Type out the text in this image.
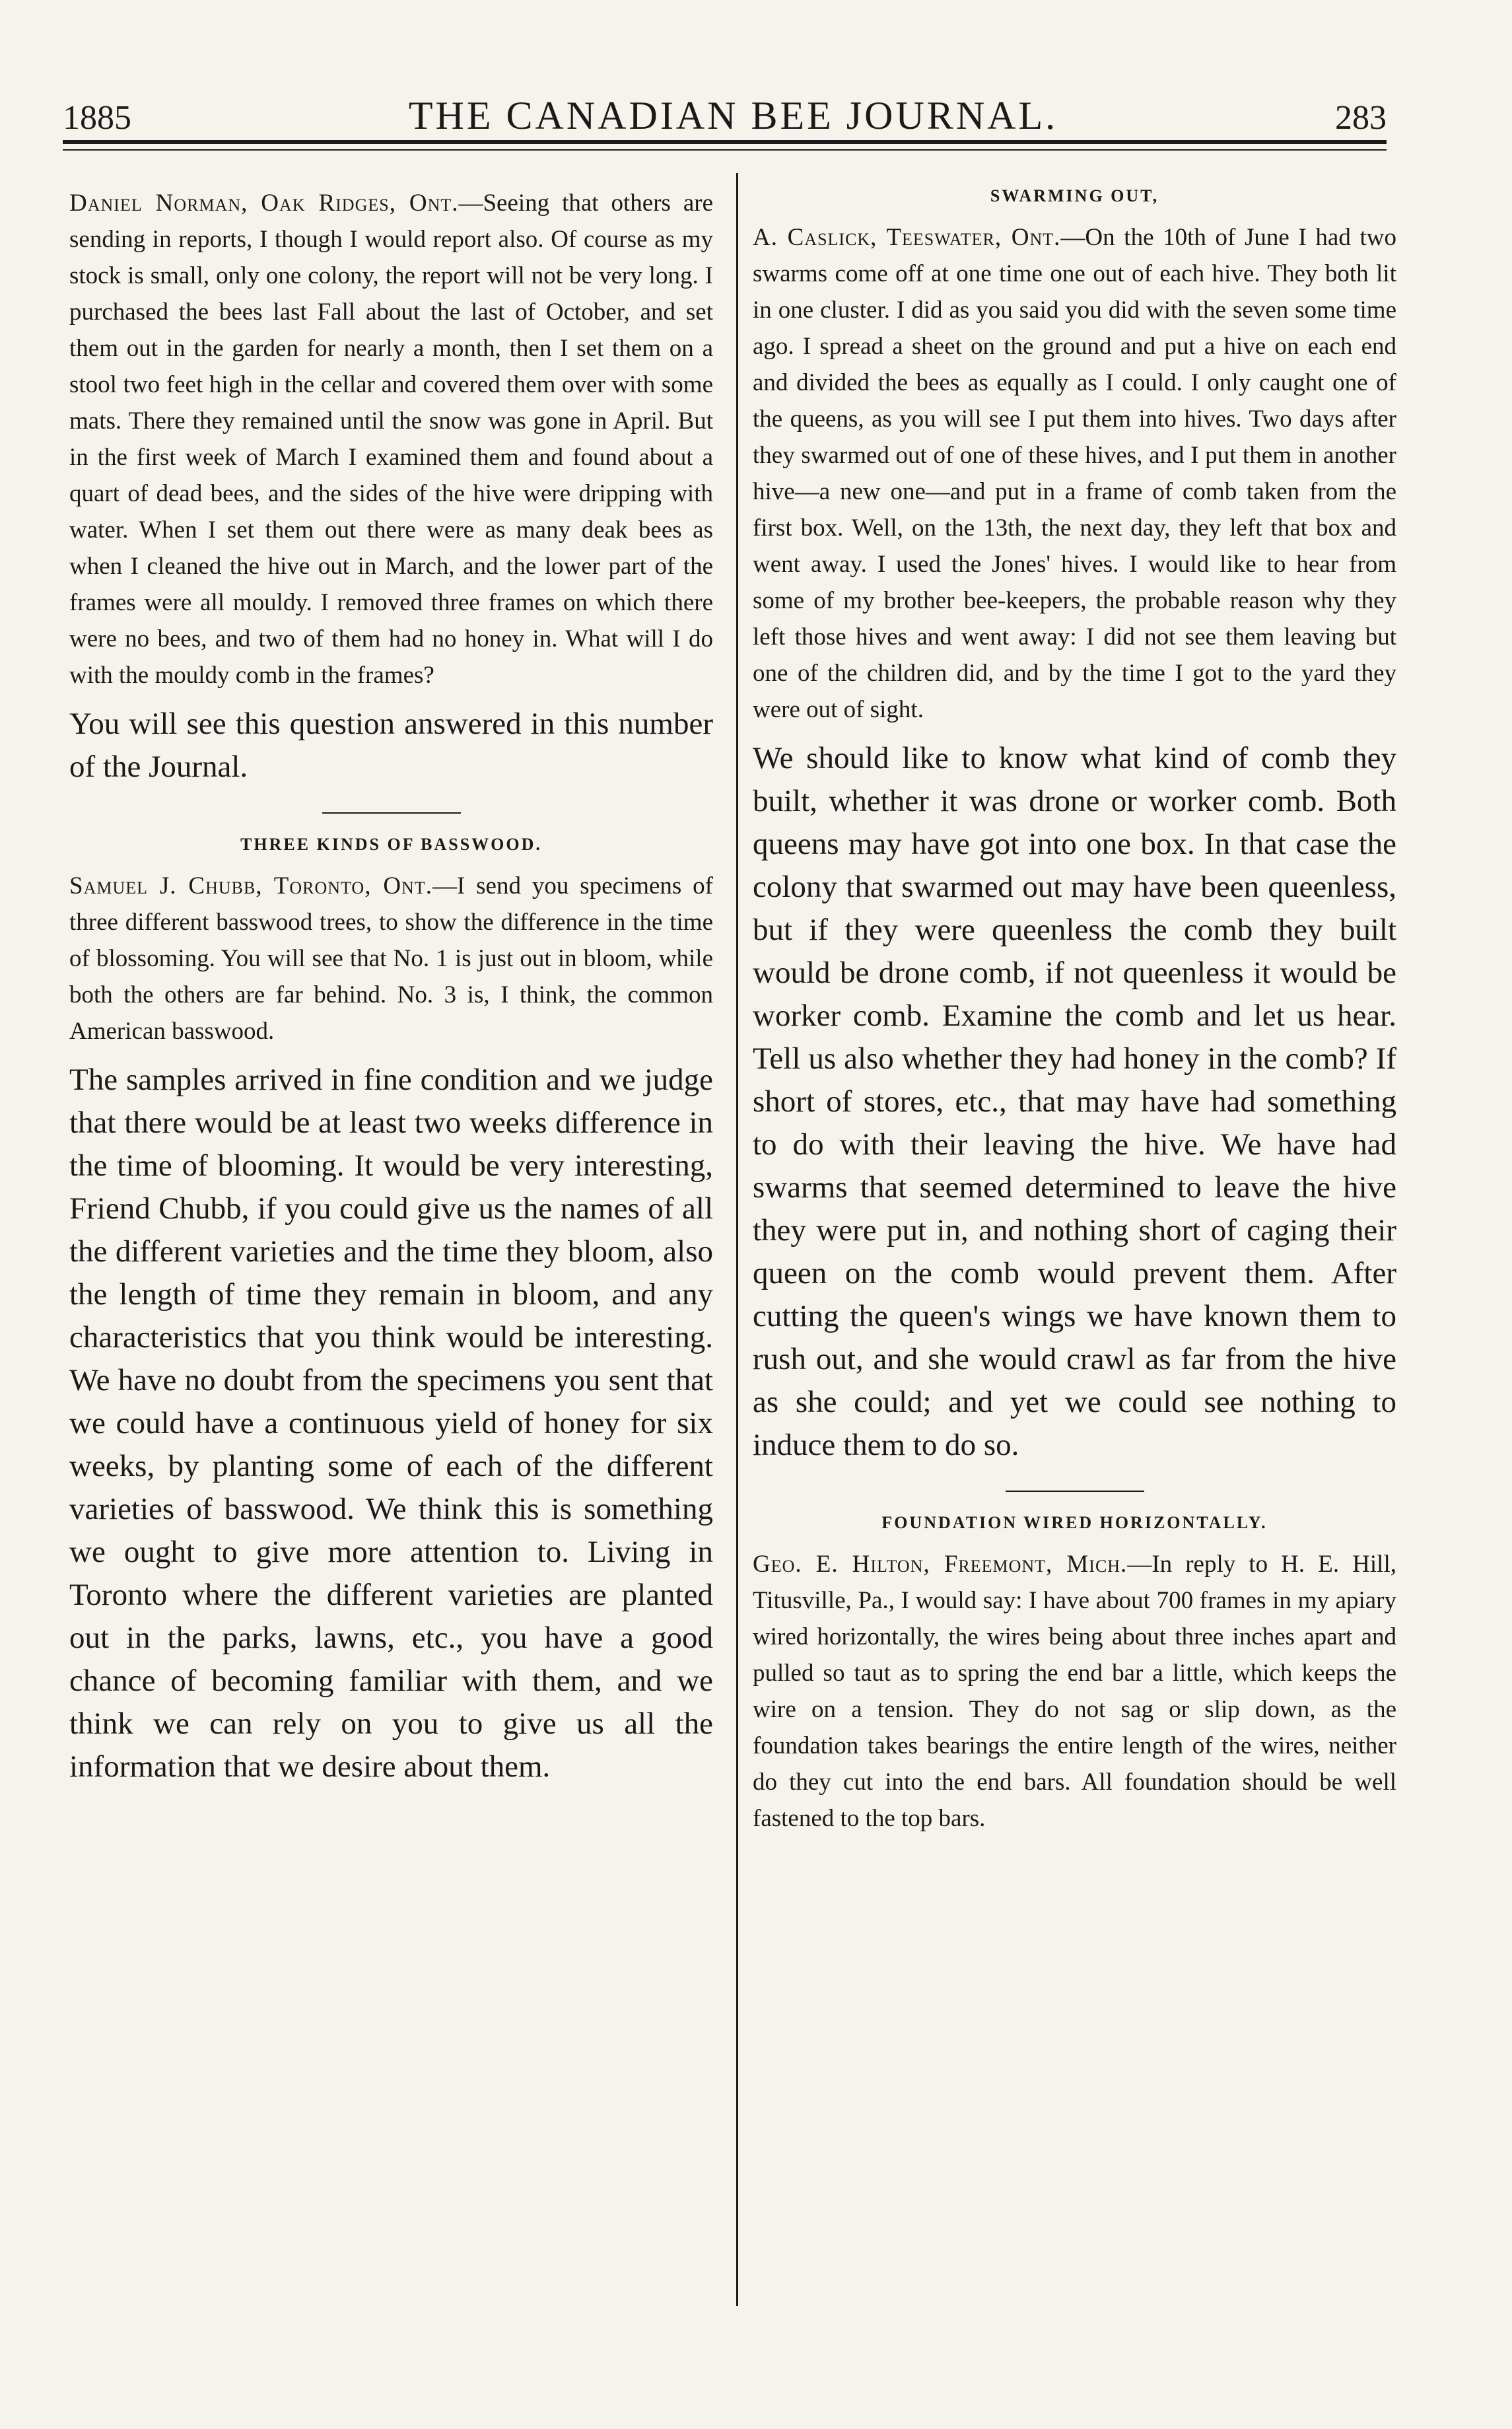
1885	THE CANADIAN BEE JOURNAL.	283

Daniel Norman, Oak Ridges, Ont.—Seeing that others are sending in reports, I though I would report also. Of course as my stock is small, only one colony, the report will not be very long. I purchased the bees last Fall about the last of October, and set them out in the garden for nearly a month, then I set them on a stool two feet high in the cellar and covered them over with some mats. There they remained until the snow was gone in April. But in the first week of March I examined them and found about a quart of dead bees, and the sides of the hive were dripping with water. When I set them out there were as many deak bees as when I cleaned the hive out in March, and the lower part of the frames were all mouldy. I removed three frames on which there were no bees, and two of them had no honey in. What will I do with the mouldy comb in the frames?

You will see this question answered in this number of the Journal.

THREE KINDS OF BASSWOOD.

Samuel J. Chubb, Toronto, Ont.—I send you specimens of three different basswood trees, to show the difference in the time of blossoming. You will see that No. 1 is just out in bloom, while both the others are far behind. No. 3 is, I think, the common American basswood.

The samples arrived in fine condition and we judge that there would be at least two weeks difference in the time of blooming. It would be very interesting, Friend Chubb, if you could give us the names of all the different varieties and the time they bloom, also the length of time they remain in bloom, and any characteristics that you think would be interesting. We have no doubt from the specimens you sent that we could have a continuous yield of honey for six weeks, by planting some of each of the different varieties of basswood. We think this is something we ought to give more attention to. Living in Toronto where the different varieties are planted out in the parks, lawns, etc., you have a good chance of becoming familiar with them, and we think we can rely on you to give us all the information that we desire about them.

SWARMING OUT,

A. Caslick, Teeswater, Ont.—On the 10th of June I had two swarms come off at one time one out of each hive. They both lit in one cluster. I did as you said you did with the seven some time ago. I spread a sheet on the ground and put a hive on each end and divided the bees as equally as I could. I only caught one of the queens, as you will see I put them into hives. Two days after they swarmed out of one of these hives, and I put them in another hive—a new one—and put in a frame of comb taken from the first box. Well, on the 13th, the next day, they left that box and went away. I used the Jones' hives. I would like to hear from some of my brother bee-keepers, the probable reason why they left those hives and went away: I did not see them leaving but one of the children did, and by the time I got to the yard they were out of sight.

We should like to know what kind of comb they built, whether it was drone or worker comb. Both queens may have got into one box. In that case the colony that swarmed out may have been queenless, but if they were queenless the comb they built would be drone comb, if not queenless it would be worker comb. Examine the comb and let us hear. Tell us also whether they had honey in the comb? If short of stores, etc., that may have had something to do with their leaving the hive. We have had swarms that seemed determined to leave the hive they were put in, and nothing short of caging their queen on the comb would prevent them. After cutting the queen's wings we have known them to rush out, and she would crawl as far from the hive as she could; and yet we could see nothing to induce them to do so.

FOUNDATION WIRED HORIZONTALLY.

Geo. E. Hilton, Freemont, Mich.—In reply to H. E. Hill, Titusville, Pa., I would say: I have about 700 frames in my apiary wired horizontally, the wires being about three inches apart and pulled so taut as to spring the end bar a little, which keeps the wire on a tension. They do not sag or slip down, as the foundation takes bearings the entire length of the wires, neither do they cut into the end bars. All foundation should be well fastened to the top bars.
